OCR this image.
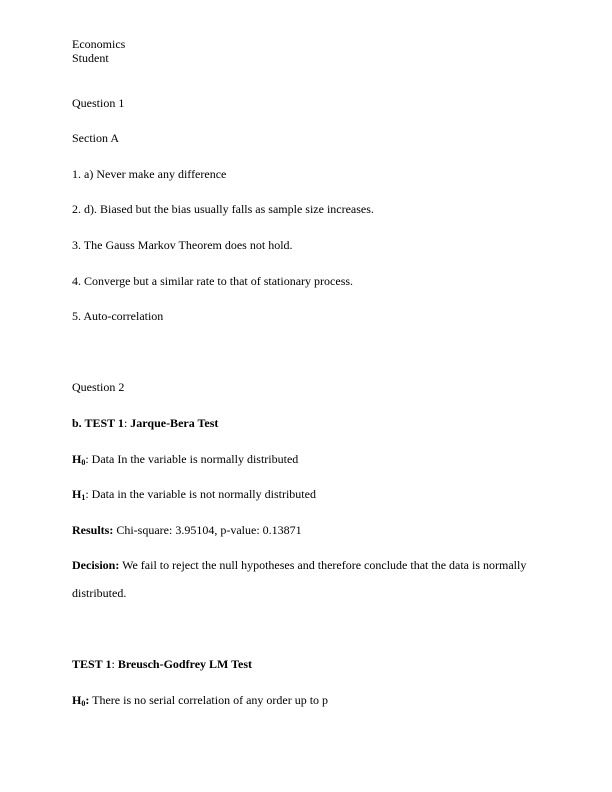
Economics
Student
Question 1
Section A
1. a) Never make any difference
2. d). Biased but the bias usually falls as sample size increases.
3. The Gauss Markov Theorem does not hold.
4. Converge but a similar rate to that of stationary process.
5. Auto-correlation
Question 2
b. TEST 1: Jarque-Bera Test
$H_0$: Data In the variable is normally distributed
$H_1$: Data in the variable is not normally distributed
Results: Chi-square: 3.95104, p-value: 0.13871
Decision: We fail to reject the null hypotheses and therefore conclude that the data is normally
distributed.
TEST 1: Breusch-Godfrey LM Test
$H_0$: There is no serial correlation of any order up to p
